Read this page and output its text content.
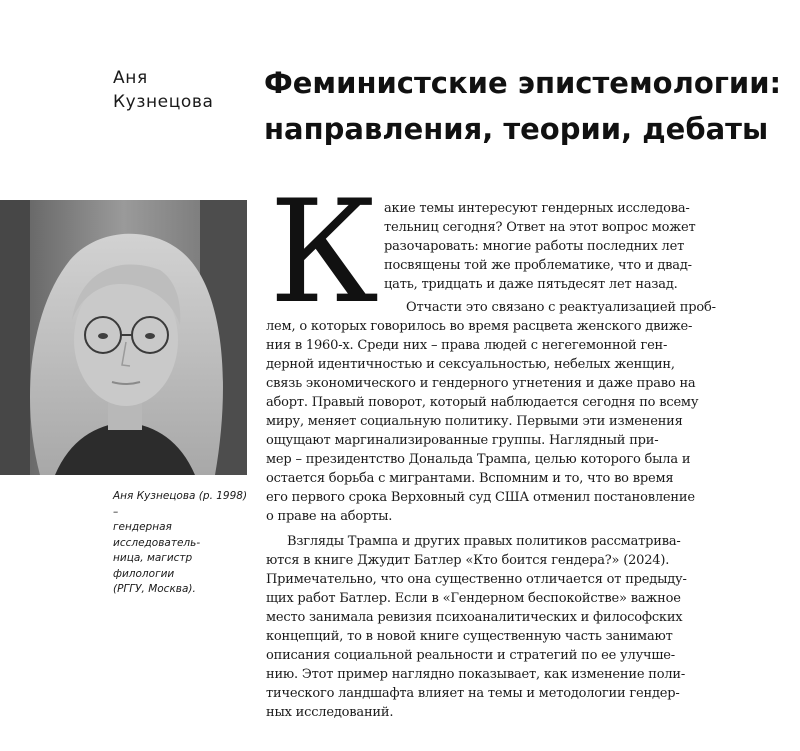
Аня
Кузнецова
Феминистские эпистемологии:
направления, теории, дебаты
Аня Кузнецова (р. 1998) –
гендерная исследователь-
ница, магистр филологии
(РГГУ, Москва).
К акие темы интересуют гендерных исследова-

тельниц сегодня? Ответ на этот вопрос может

разочаровать: многие работы последних лет

посвящены той же проблематике, что и двад-

цать, тридцать и даже пятьдесят лет назад.

Отчасти это связано с реактуализацией проб-

лем, о которых говорилось во время расцвета женского движе-

ния в 1960-х. Среди них – права людей с негегемонной ген-

дерной идентичностью и сексуальностью, небелых женщин,

связь экономического и гендерного угнетения и даже право на

аборт. Правый поворот, который наблюдается сегодня по всему

миру, меняет социальную политику. Первыми эти изменения

ощущают маргинализированные группы. Наглядный при-

мер – президентство Дональда Трампа, целью которого была и

остается борьба с мигрантами. Вспомним и то, что во время

его первого срока Верховный суд США отменил постановление

о праве на аборты.

Взгляды Трампа и других правых политиков рассматрива-

ются в книге Джудит Батлер «Кто боится гендера?» (2024).

Примечательно, что она существенно отличается от предыду-

щих работ Батлер. Если в «Гендерном беспокойстве» важное

место занимала ревизия психоаналитических и философских

концепций, то в новой книге существенную часть занимают

описания социальной реальности и стратегий по ее улучше-

нию. Этот пример наглядно показывает, как изменение поли-

тического ландшафта влияет на темы и методологии гендер-

ных исследований.
